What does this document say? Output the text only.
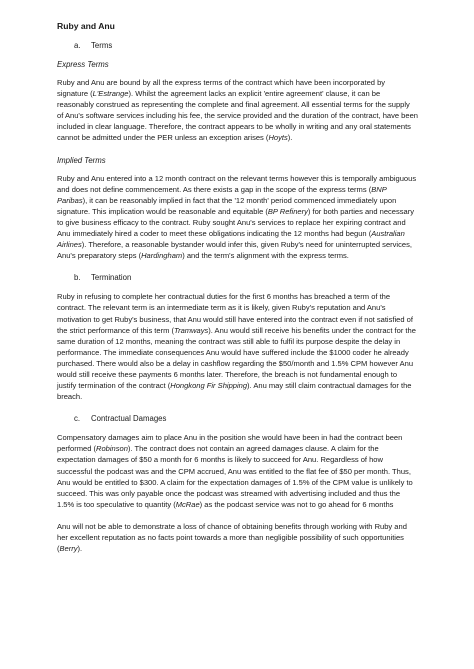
Ruby and Anu
a.	Terms
Express Terms

Ruby and Anu are bound by all the express terms of the contract which have been incorporated by signature (L'Estrange). Whilst the agreement lacks an explicit 'entire agreement' clause, it can be reasonably construed as representing the complete and final agreement. All essential terms for the supply of Anu's software services including his fee, the service provided and the duration of the contract, have been included in clear language. Therefore, the contract appears to be wholly in writing and any oral statements cannot be admitted under the PER unless an exception arises (Hoyts).

Implied Terms

Ruby and Anu entered into a 12 month contract on the relevant terms however this is temporally ambiguous and does not define commencement. As there exists a gap in the scope of the express terms (BNP Paribas), it can be reasonably implied in fact that the '12 month' period commenced immediately upon signature. This implication would be reasonable and equitable (BP Refinery) for both parties and necessary to give business efficacy to the contract. Ruby sought Anu's services to replace her expiring contract and Anu immediately hired a coder to meet these obligations indicating the 12 months had begun (Australian Airlines). Therefore, a reasonable bystander would infer this, given Ruby's need for uninterrupted services, Anu's preparatory steps (Hardingham) and the term's alignment with the express terms.

b.	Termination

Ruby in refusing to complete her contractual duties for the first 6 months has breached a term of the contract. The relevant term is an intermediate term as it is likely, given Ruby's reputation and Anu's motivation to get Ruby's business, that Anu would still have entered into the contract even if not satisfied of the strict performance of this term (Tramways). Anu would still receive his benefits under the contract for the same duration of 12 months, meaning the contract was still able to fulfil its purpose despite the delay in performance. The immediate consequences Anu would have suffered include the $1000 coder he already purchased. There would also be a delay in cashflow regarding the $50/month and 1.5% CPM however Anu would still receive these payments 6 months later. Therefore, the breach is not fundamental enough to justify termination of the contract (Hongkong Fir Shipping). Anu may still claim contractual damages for the breach.

c.	Contractual Damages

Compensatory damages aim to place Anu in the position she would have been in had the contract been performed (Robinson). The contract does not contain an agreed damages clause. A claim for the expectation damages of $50 a month for 6 months is likely to succeed for Anu. Regardless of how successful the podcast was and the CPM accrued, Anu was entitled to the flat fee of $50 per month. Thus, Anu would be entitled to $300. A claim for the expectation damages of 1.5% of the CPM value is unlikely to succeed. This was only payable once the podcast was streamed with advertising included and thus the 1.5% is too speculative to quantity (McRae) as the podcast service was not to go ahead for 6 months

Anu will not be able to demonstrate a loss of chance of obtaining benefits through working with Ruby and her excellent reputation as no facts point towards a more than negligible possibility of such opportunities (Berry).
